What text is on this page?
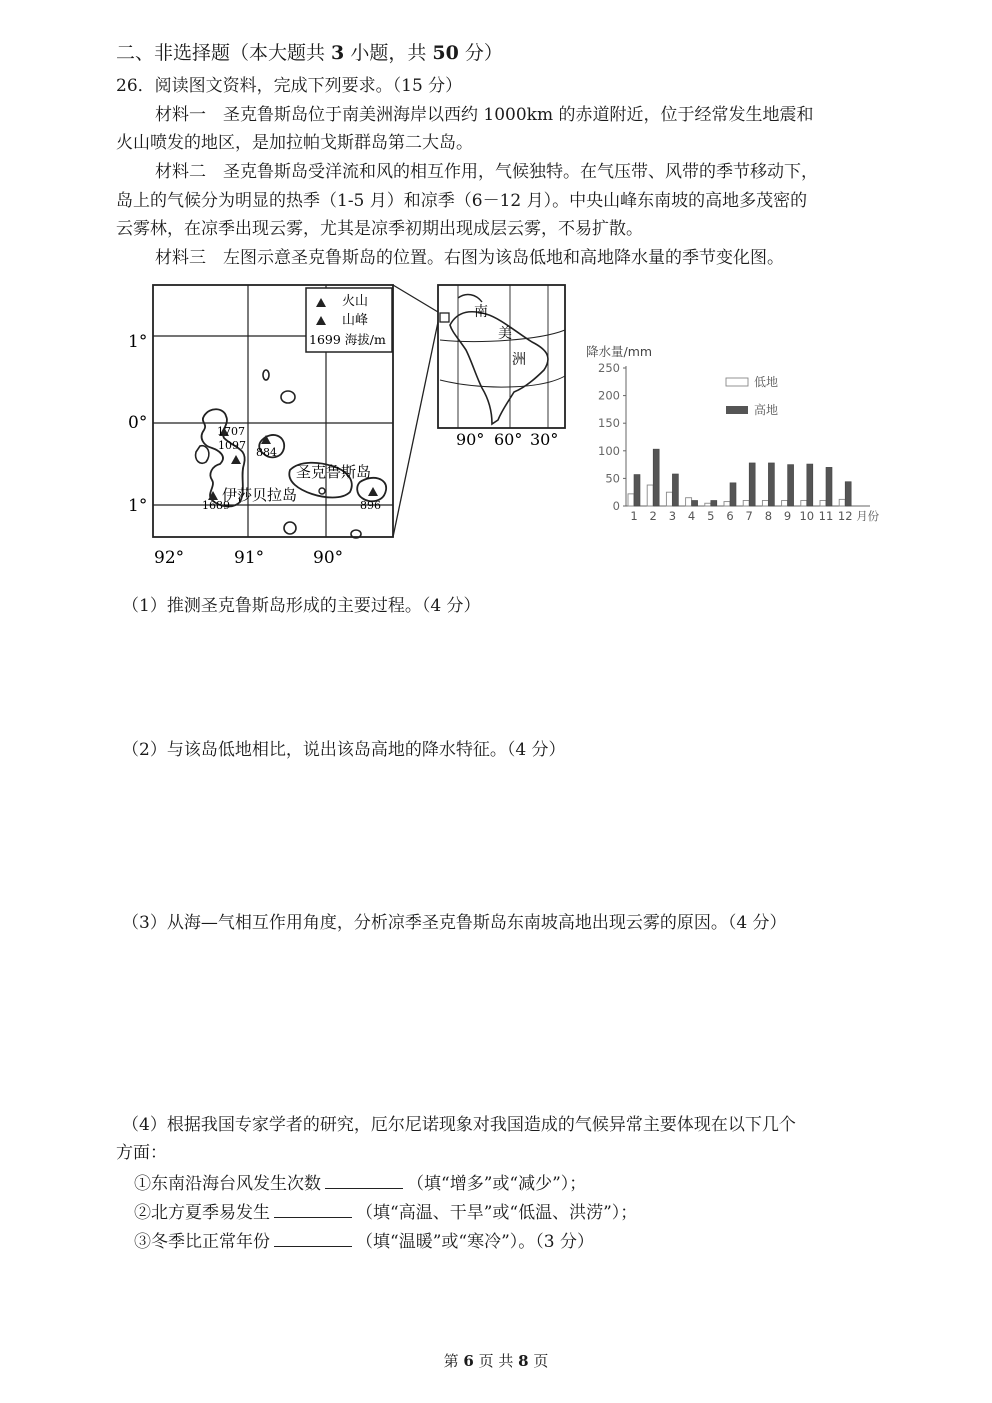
二、非选择题（本大题共 3 小题，共 50 分）
26．阅读图文资料，完成下列要求。（15 分）
材料一　圣克鲁斯岛位于南美洲海岸以西约 1000km 的赤道附近，位于经常发生地震和
火山喷发的地区，是加拉帕戈斯群岛第二大岛。
材料二　圣克鲁斯岛受洋流和风的相互作用，气候独特。在气压带、风带的季节移动下，
岛上的气候分为明显的热季（1-5 月）和凉季（6－12 月）。中央山峰东南坡的高地多茂密的
云雾林，在凉季出现云雾，尤其是凉季初期出现成层云雾，不易扩散。
材料三　左图示意圣克鲁斯岛的位置。右图为该岛低地和高地降水量的季节变化图。
火山
山峰
1699 海拔/m
1°
0°
1°
92°	91°	90°
1707
1097
884
1689	896
圣克鲁斯岛
伊莎贝拉岛
南
美
洲
90° 60° 30°
降水量/mm
0
50
100
150
200
250
1 2 3 4 5 6 7 8 9 10 11 12 月份
低地
高地
（1）推测圣克鲁斯岛形成的主要过程。（4 分）
（2）与该岛低地相比，说出该岛高地的降水特征。（4 分）
（3）从海—气相互作用角度，分析凉季圣克鲁斯岛东南坡高地出现云雾的原因。（4 分）
（4）根据我国专家学者的研究，厄尔尼诺现象对我国造成的气候异常主要体现在以下几个
方面：
①东南沿海台风发生次数	（填“增多”或“减少”）；
②北方夏季易发生	（填“高温、干旱”或“低温、洪涝”）；
③冬季比正常年份	（填“温暖”或“寒冷”）。（3 分）
第 6 页 共 8 页
